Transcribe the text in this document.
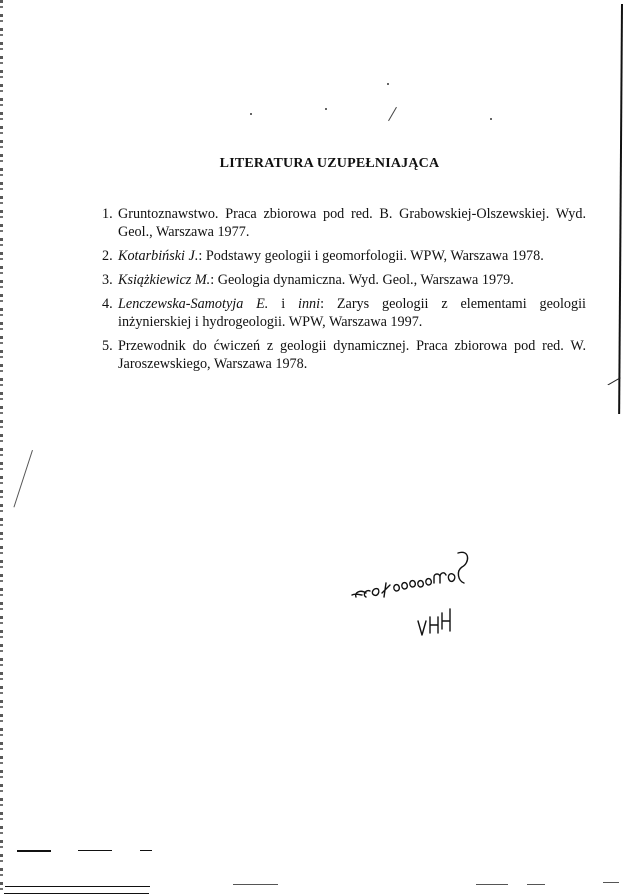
LITERATURA UZUPEŁNIAJĄCA
1. Gruntoznawstwo. Praca zbiorowa pod red. B. Grabowskiej-Olszewskiej. Wyd. Geol., Warszawa 1977.
2. Kotarbiński J.: Podstawy geologii i geomorfologii. WPW, Warszawa 1978.
3. Książkiewicz M.: Geologia dynamiczna. Wyd. Geol., Warszawa 1979.
4. Lenczewska-Samotyja E. i inni: Zarys geologii z elementami geologii inżynierskiej i hydrogeologii. WPW, Warszawa 1997.
5. Przewodnik do ćwiczeń z geologii dynamicznej. Praca zbiorowa pod red. W. Jaroszewskiego, Warszawa 1978.
